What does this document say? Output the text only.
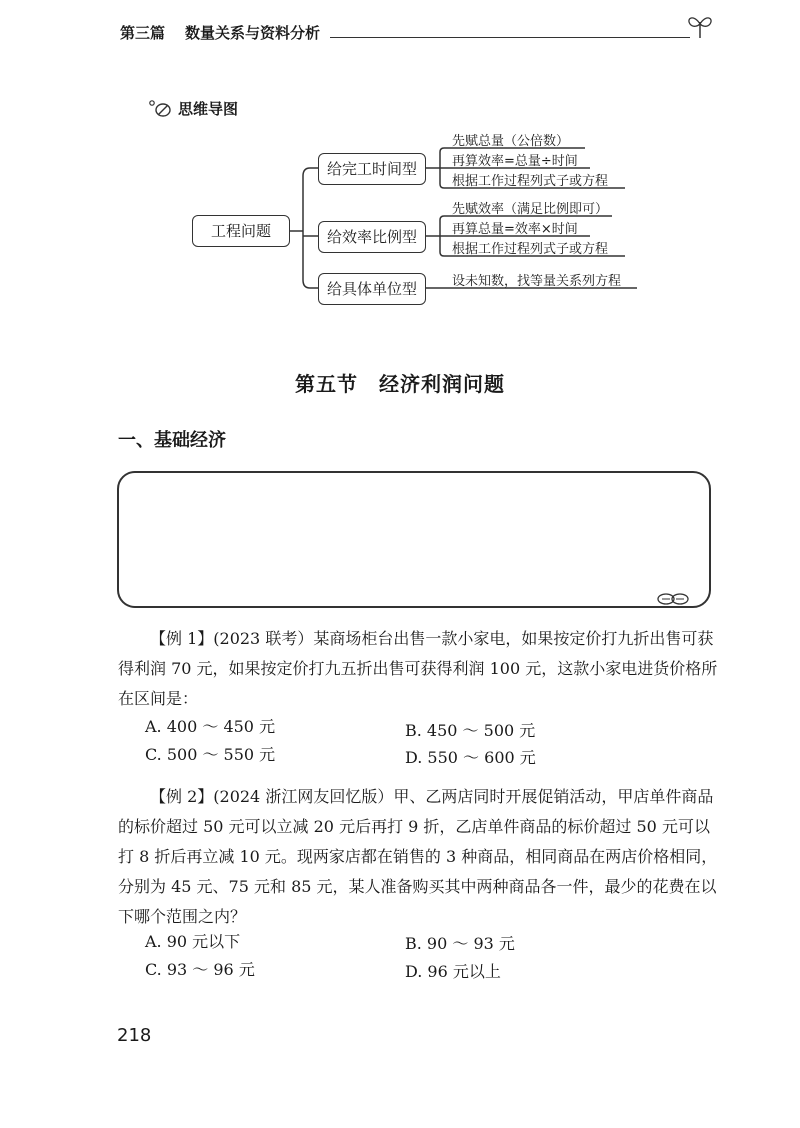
第三篇 数量关系与资料分析
思维导图
工程问题
给完工时间型
给效率比例型
给具体单位型
先赋总量（公倍数）
再算效率=总量÷时间
根据工作过程列式子或方程
先赋效率（满足比例即可）
再算总量=效率×时间
根据工作过程列式子或方程
设未知数，找等量关系列方程
第五节　经济利润问题
一、基础经济
【例 1】(2023 联考）某商场柜台出售一款小家电，如果按定价打九折出售可获得利润 70 元，如果按定价打九五折出售可获得利润 100 元，这款小家电进货价格所在区间是：
A. 400 ～ 450 元	B. 450 ～ 500 元
C. 500 ～ 550 元	D. 550 ～ 600 元
【例 2】(2024 浙江网友回忆版）甲、乙两店同时开展促销活动，甲店单件商品的标价超过 50 元可以立减 20 元后再打 9 折，乙店单件商品的标价超过 50 元可以打 8 折后再立减 10 元。现两家店都在销售的 3 种商品，相同商品在两店价格相同，分别为 45 元、75 元和 85 元，某人准备购买其中两种商品各一件，最少的花费在以下哪个范围之内？
A. 90 元以下	B. 90 ～ 93 元
C. 93 ～ 96 元	D. 96 元以上
218
